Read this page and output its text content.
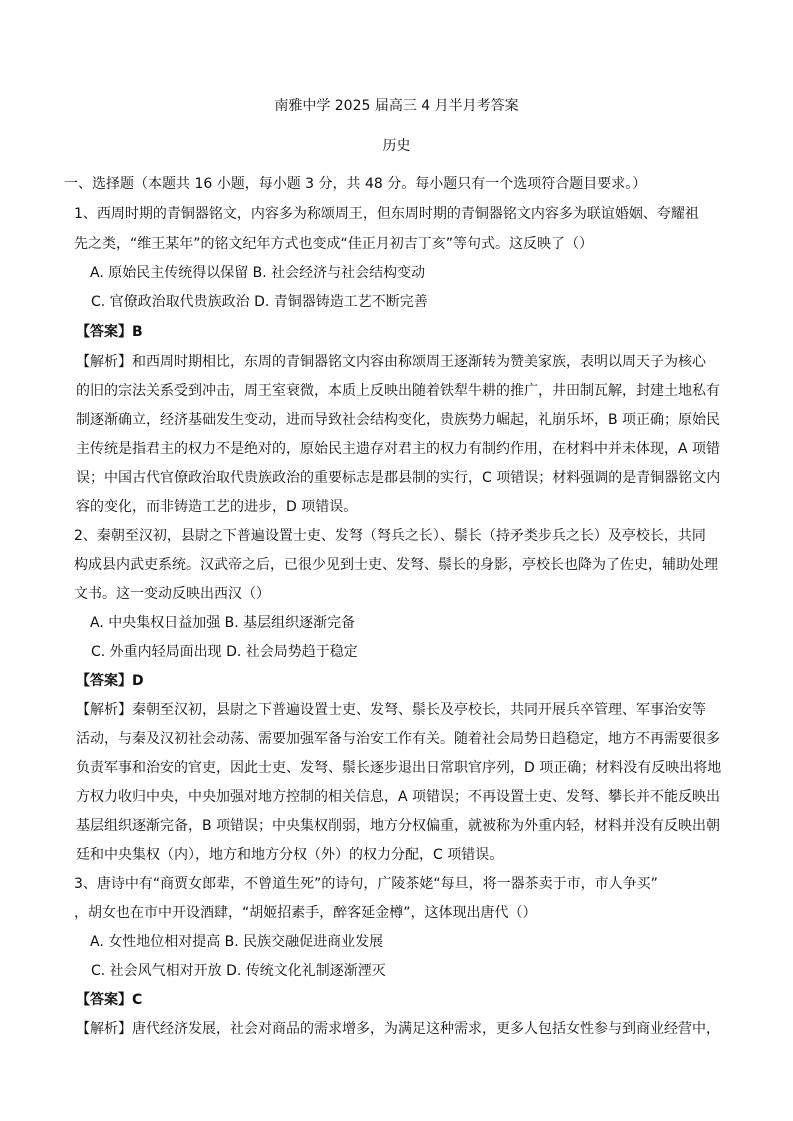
南雅中学 2025 届高三 4 月半月考答案
历史
一、选择题（本题共 16 小题，每小题 3 分，共 48 分。每小题只有一个选项符合题目要求。）
1、西周时期的青铜器铭文，内容多为称颂周王，但东周时期的青铜器铭文内容多为联谊婚姻、夸耀祖
先之类，“维王某年”的铭文纪年方式也变成“佳正月初吉丁亥”等句式。这反映了（）
A. 原始民主传统得以保留 B. 社会经济与社会结构变动
C. 官僚政治取代贵族政治 D. 青铜器铸造工艺不断完善
【答案】B
【解析】和西周时期相比，东周的青铜器铭文内容由称颂周王逐渐转为赞美家族，表明以周天子为核心
的旧的宗法关系受到冲击，周王室衰微，本质上反映出随着铁犁牛耕的推广，井田制瓦解，封建土地私有
制逐渐确立，经济基础发生变动，进而导致社会结构变化，贵族势力崛起，礼崩乐坏，B 项正确；原始民
主传统是指君主的权力不是绝对的，原始民主遗存对君主的权力有制约作用，在材料中并未体现，A 项错
误；中国古代官僚政治取代贵族政治的重要标志是郡县制的实行，C 项错误；材料强调的是青铜器铭文内
容的变化，而非铸造工艺的进步，D 项错误。
2、秦朝至汉初，县尉之下普遍设置士吏、发弩（弩兵之长）、鬃长（持矛类步兵之长）及亭校长，共同
构成县内武吏系统。汉武帝之后，已很少见到士吏、发弩、鬃长的身影，亭校长也降为了佐史，辅助处理
文书。这一变动反映出西汉（）
A. 中央集权日益加强 B. 基层组织逐渐完备
C. 外重内轻局面出现 D. 社会局势趋于稳定
【答案】D
【解析】秦朝至汉初，县尉之下普遍设置士吏、发弩、鬃长及亭校长，共同开展兵卒管理、军事治安等
活动，与秦及汉初社会动荡、需要加强军备与治安工作有关。随着社会局势日趋稳定，地方不再需要很多
负责军事和治安的官吏，因此士吏、发弩、鬃长逐步退出日常职官序列，D 项正确；材料没有反映出将地
方权力收归中央，中央加强对地方控制的相关信息，A 项错误；不再设置士吏、发弩、攀长并不能反映出
基层组织逐渐完备，B 项错误；中央集权削弱，地方分权偏重，就被称为外重内轻，材料并没有反映出朝
廷和中央集权（内），地方和地方分权（外）的权力分配，C 项错误。
3、唐诗中有“商贾女郎辈，不曾道生死”的诗句，广陵茶姥“每旦，将一器茶卖于市，市人争买”
，胡女也在市中开设酒肆，“胡姬招素手，醉客延金樽”，这体现出唐代（）
A. 女性地位相对提高 B. 民族交融促进商业发展
C. 社会风气相对开放 D. 传统文化礼制逐渐湮灭
【答案】C
【解析】唐代经济发展，社会对商品的需求增多，为满足这种需求，更多人包括女性参与到商业经营中，
